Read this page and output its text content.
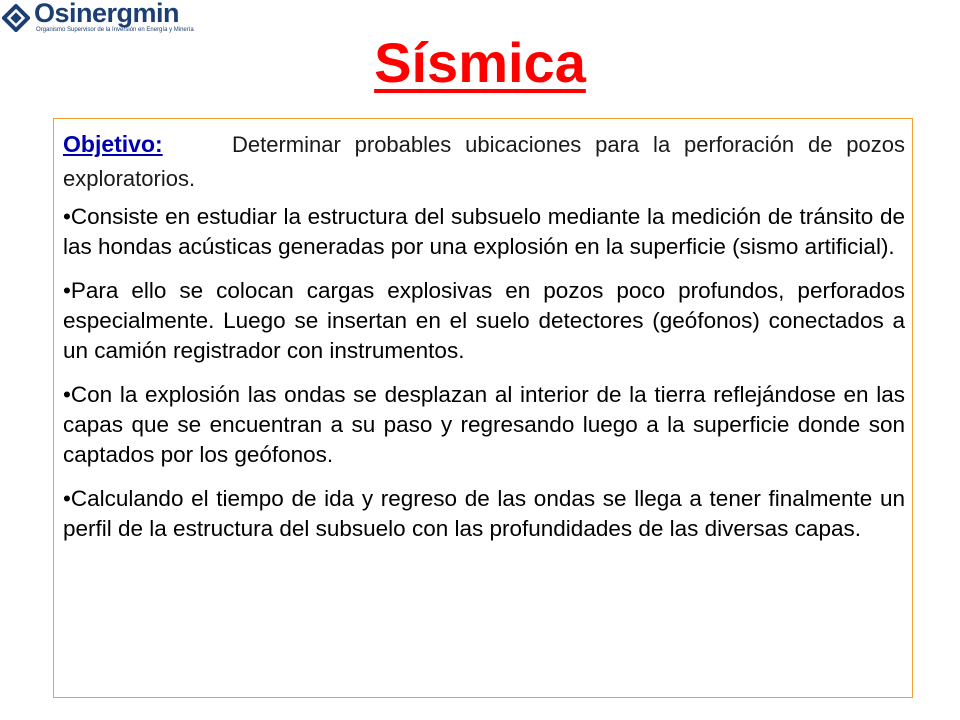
Osinergmin
Organismo Supervisor de la Inversión en Energía y Minería
Sísmica

Objetivo:	Determinar probables ubicaciones para la perforación de pozos exploratorios.

•Consiste en estudiar la estructura del subsuelo mediante la medición de tránsito de las hondas acústicas generadas por una explosión en la superficie (sismo artificial).

•Para ello se colocan cargas explosivas en pozos poco profundos, perforados especialmente. Luego se insertan en el suelo detectores (geófonos) conectados a un camión registrador con instrumentos.

•Con la explosión las ondas se desplazan al interior de la tierra reflejándose en las capas que se encuentran a su paso y regresando luego a la superficie donde son captados por los geófonos.

•Calculando el tiempo de ida y regreso de las ondas se llega a tener finalmente un perfil de la estructura del subsuelo con las profundidades de las diversas capas.
